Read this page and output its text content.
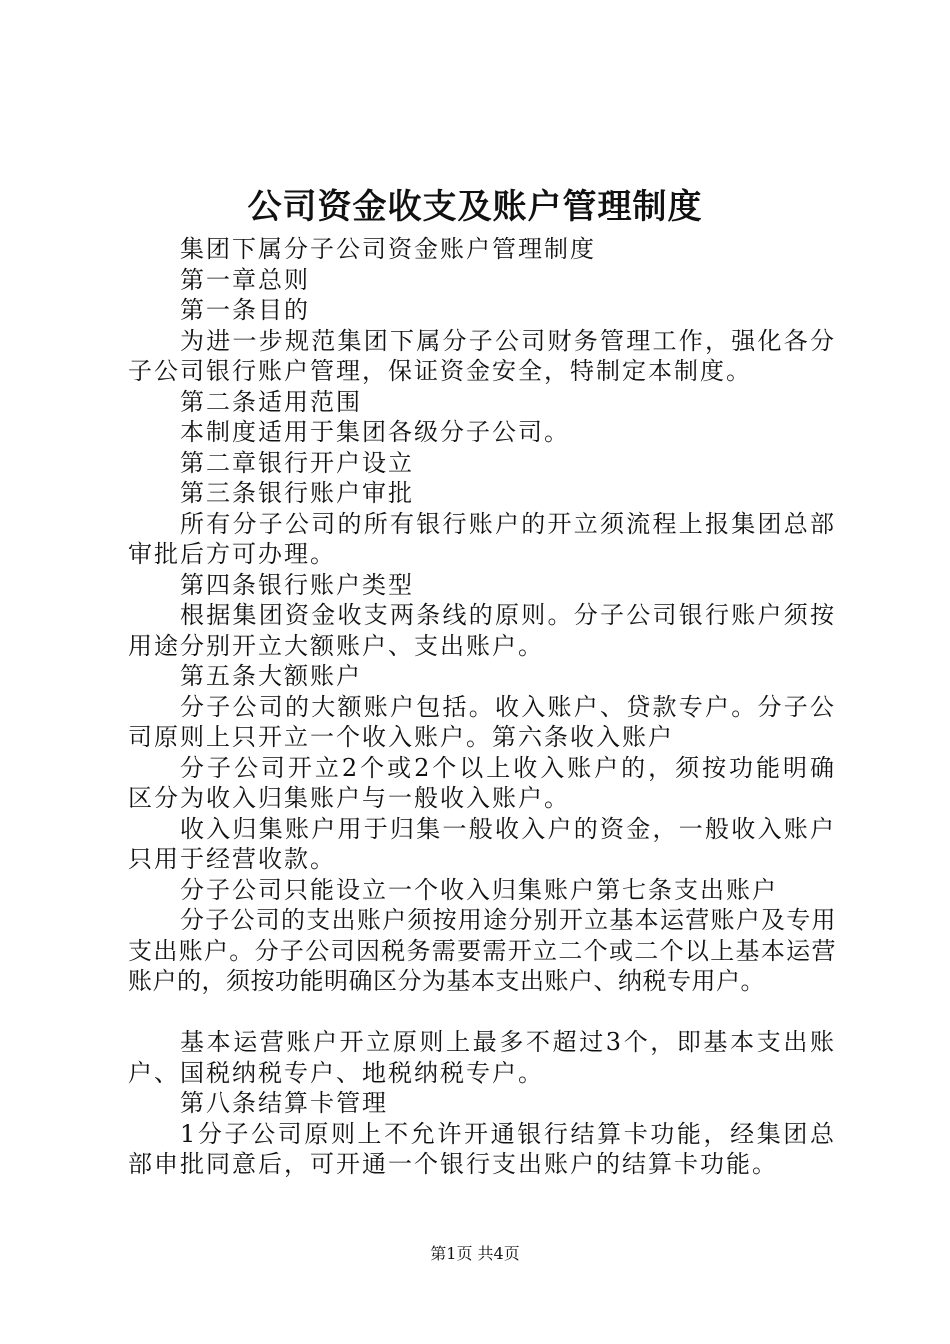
公司资金收支及账户管理制度

集团下属分子公司资金账户管理制度

第一章总则

第一条目的

为进一步规范集团下属分子公司财务管理工作，强化各分子公司银行账户管理，保证资金安全，特制定本制度。

第二条适用范围

本制度适用于集团各级分子公司。

第二章银行开户设立

第三条银行账户审批

所有分子公司的所有银行账户的开立须流程上报集团总部审批后方可办理。

第四条银行账户类型

根据集团资金收支两条线的原则。分子公司银行账户须按用途分别开立大额账户、支出账户。

第五条大额账户

分子公司的大额账户包括。收入账户、贷款专户。分子公司原则上只开立一个收入账户。第六条收入账户

分子公司开立2个或2个以上收入账户的，须按功能明确区分为收入归集账户与一般收入账户。

收入归集账户用于归集一般收入户的资金，一般收入账户只用于经营收款。

分子公司只能设立一个收入归集账户第七条支出账户

分子公司的支出账户须按用途分别开立基本运营账户及专用支出账户。分子公司因税务需要需开立二个或二个以上基本运营账户的，须按功能明确区分为基本支出账户、纳税专用户。

基本运营账户开立原则上最多不超过3个，即基本支出账户、国税纳税专户、地税纳税专户。

第八条结算卡管理

1分子公司原则上不允许开通银行结算卡功能，经集团总部申批同意后，可开通一个银行支出账户的结算卡功能。

第1页 共4页
